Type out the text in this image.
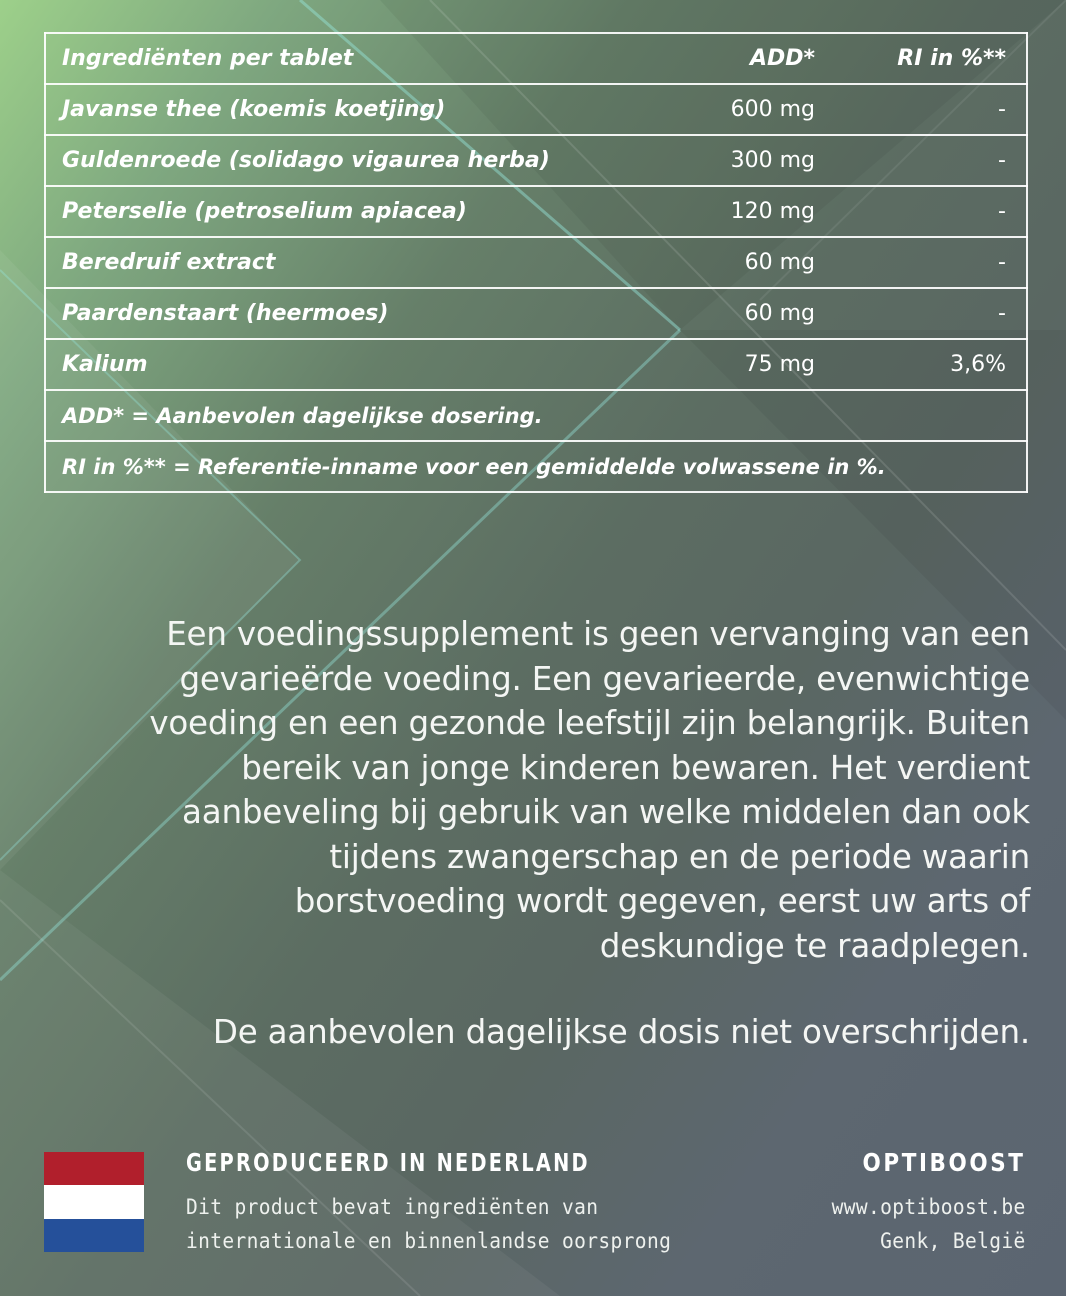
Ingrediënten per tablet	ADD*	RI in %**
Javanse thee (koemis koetjing)	600 mg	-
Guldenroede (solidago vigaurea herba)	300 mg	-
Peterselie (petroselium apiacea)	120 mg	-
Beredruif extract	60 mg	-
Paardenstaart (heermoes)	60 mg	-
Kalium	75 mg	3,6%
ADD* = Aanbevolen dagelijkse dosering.		
RI in %** = Referentie-inname voor een gemiddelde volwassene in %.		
Een voedingssupplement is geen vervanging van een
gevarieërde voeding. Een gevarieerde, evenwichtige
voeding en een gezonde leefstijl zijn belangrijk. Buiten
bereik van jonge kinderen bewaren. Het verdient
aanbeveling bij gebruik van welke middelen dan ook
tijdens zwangerschap en de periode waarin
borstvoeding wordt gegeven, eerst uw arts of
deskundige te raadplegen.
De aanbevolen dagelijkse dosis niet overschrijden.
GEPRODUCEERD IN NEDERLAND
Dit product bevat ingrediënten van
internationale en binnenlandse oorsprong
OPTIBOOST
www.optiboost.be
Genk, België
